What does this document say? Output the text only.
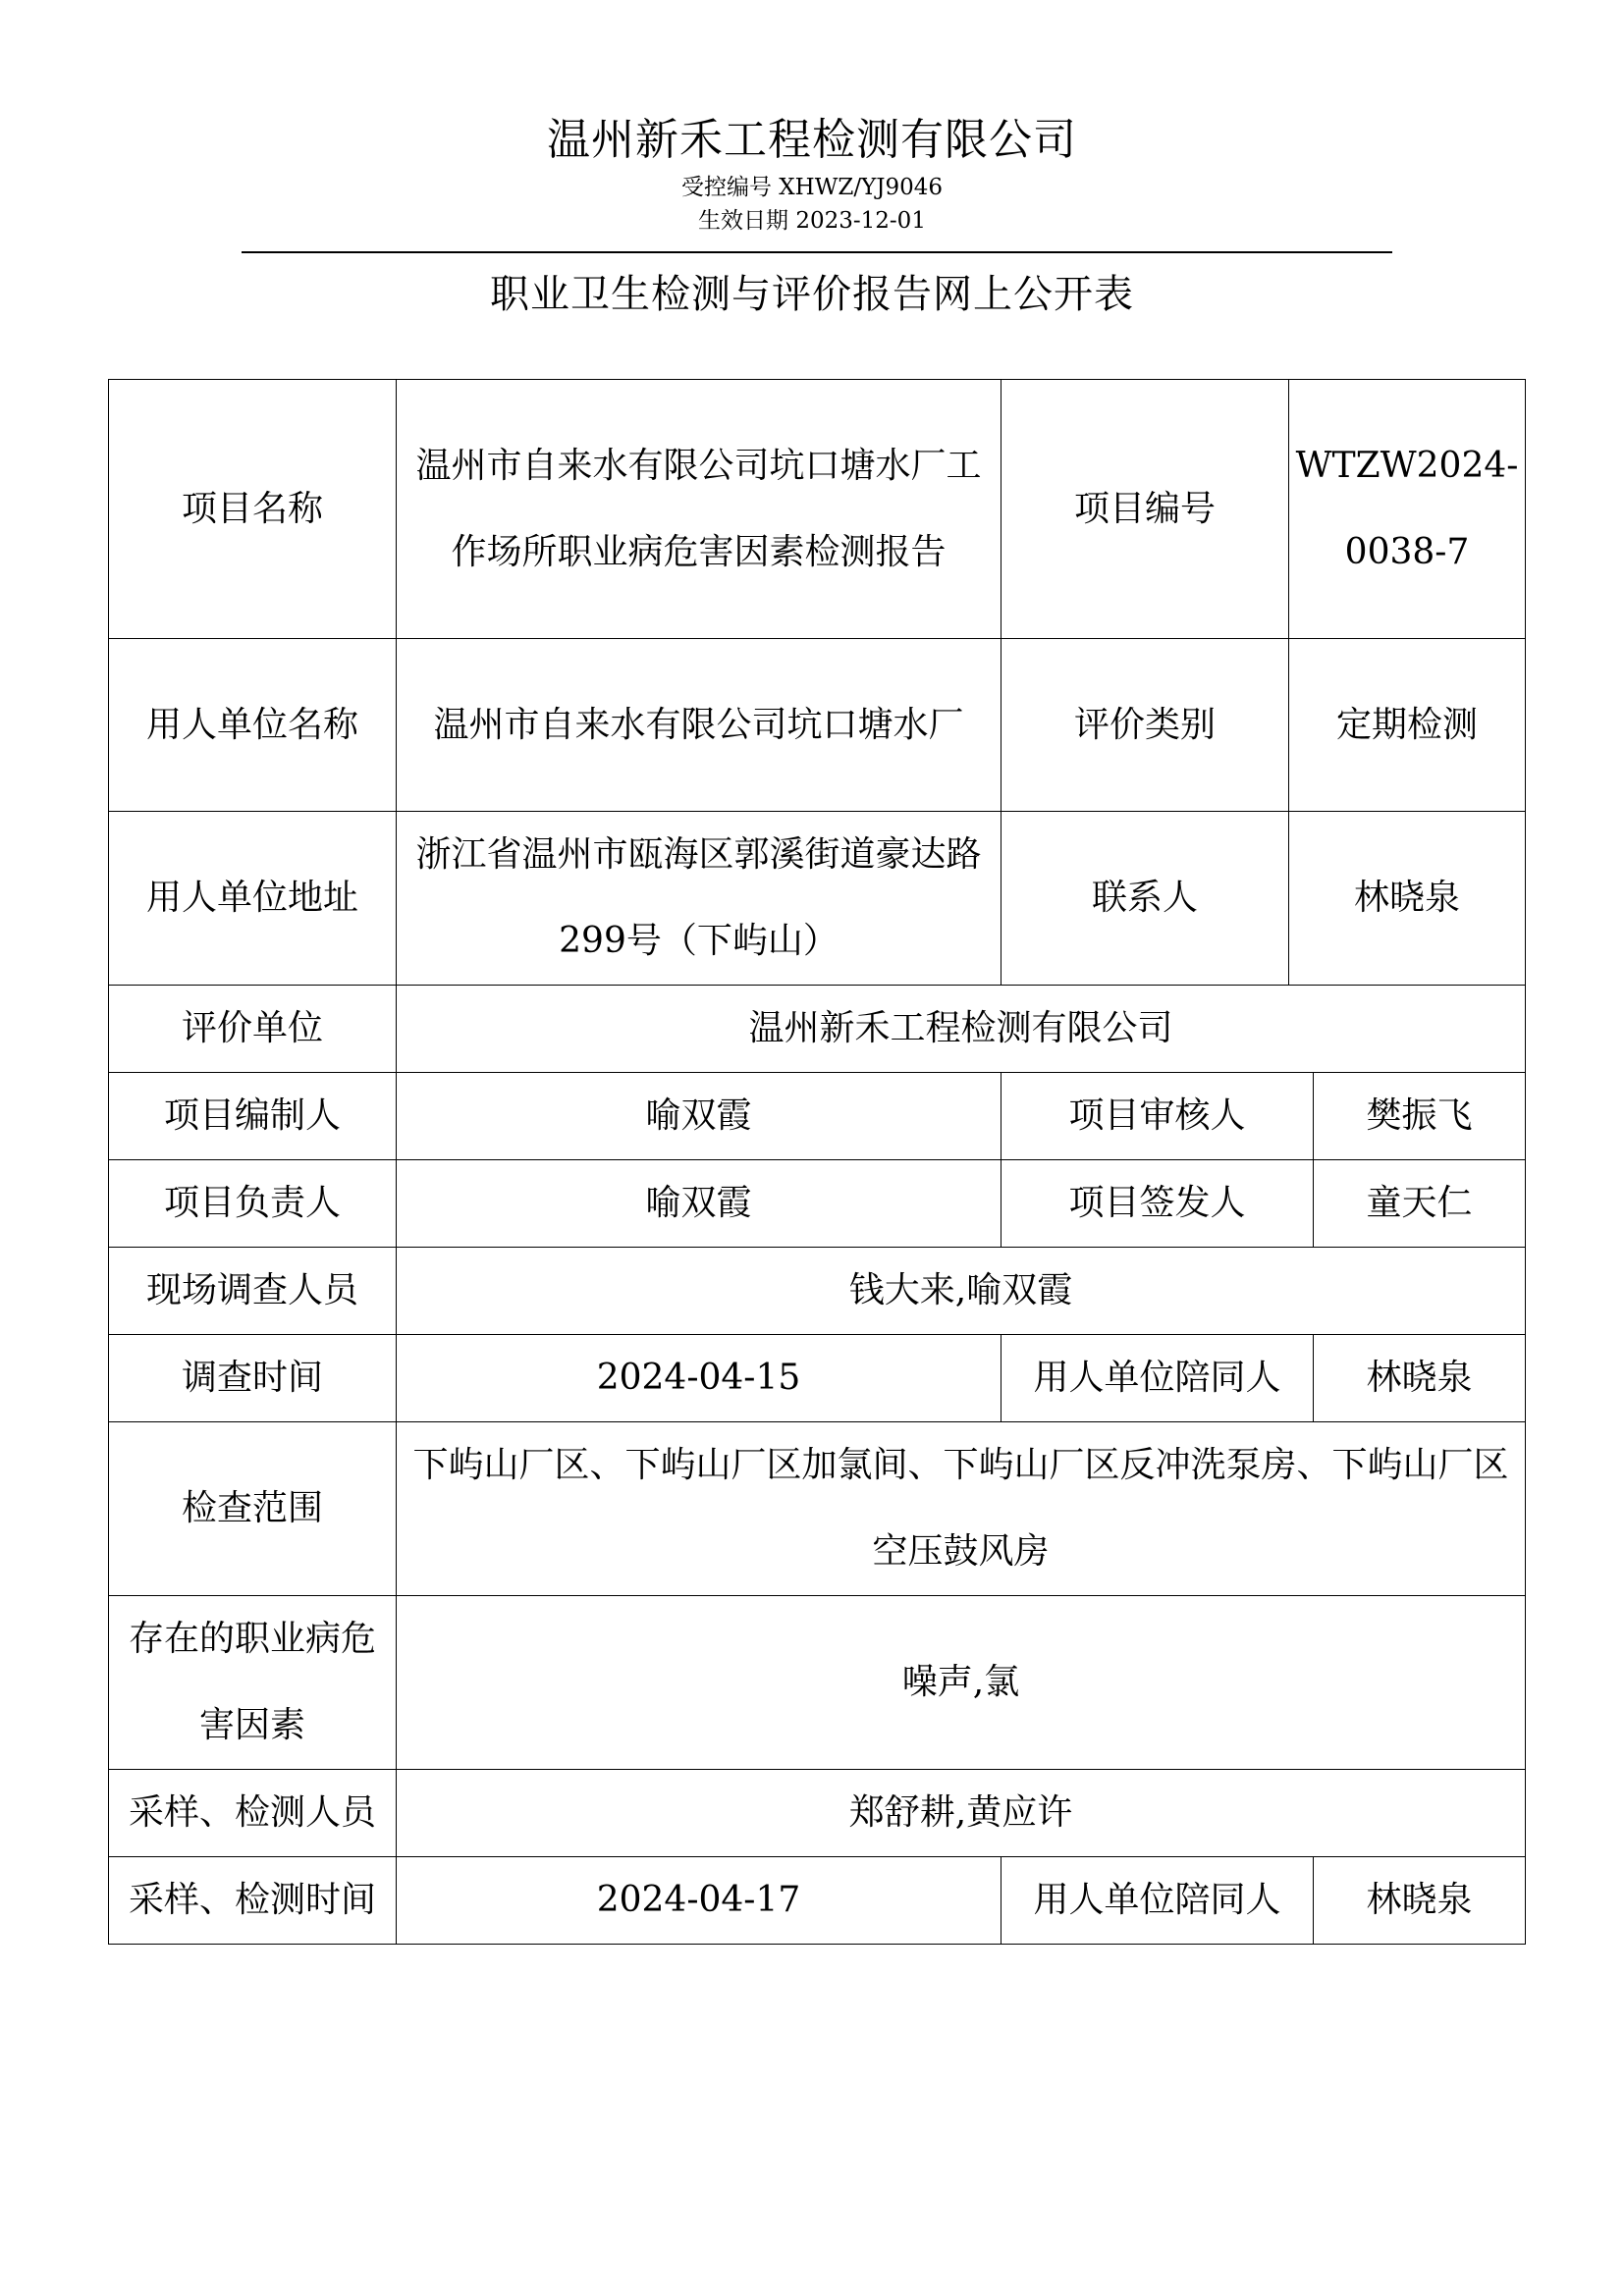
温州新禾工程检测有限公司
受控编号 XHWZ/YJ9046
生效日期 2023-12-01
职业卫生检测与评价报告网上公开表
项目名称	温州市自来水有限公司坑口塘水厂工作场所职业病危害因素检测报告	项目编号	WTZW2024-0038-7	
用人单位名称	温州市自来水有限公司坑口塘水厂	评价类别	定期检测	
用人单位地址	浙江省温州市瓯海区郭溪街道豪达路299号（下屿山）	联系人	林晓泉	
评价单位	温州新禾工程检测有限公司			
项目编制人	喻双霞	项目审核人		樊振飞
项目负责人	喻双霞	项目签发人		童天仁
现场调查人员	钱大来,喻双霞			
调查时间	2024-04-15	用人单位陪同人		林晓泉
检查范围	下屿山厂区、下屿山厂区加氯间、下屿山厂区反冲洗泵房、下屿山厂区空压鼓风房			
存在的职业病危害因素	噪声,氯			
采样、检测人员	郑舒耕,黄应许			
采样、检测时间	2024-04-17	用人单位陪同人		林晓泉
